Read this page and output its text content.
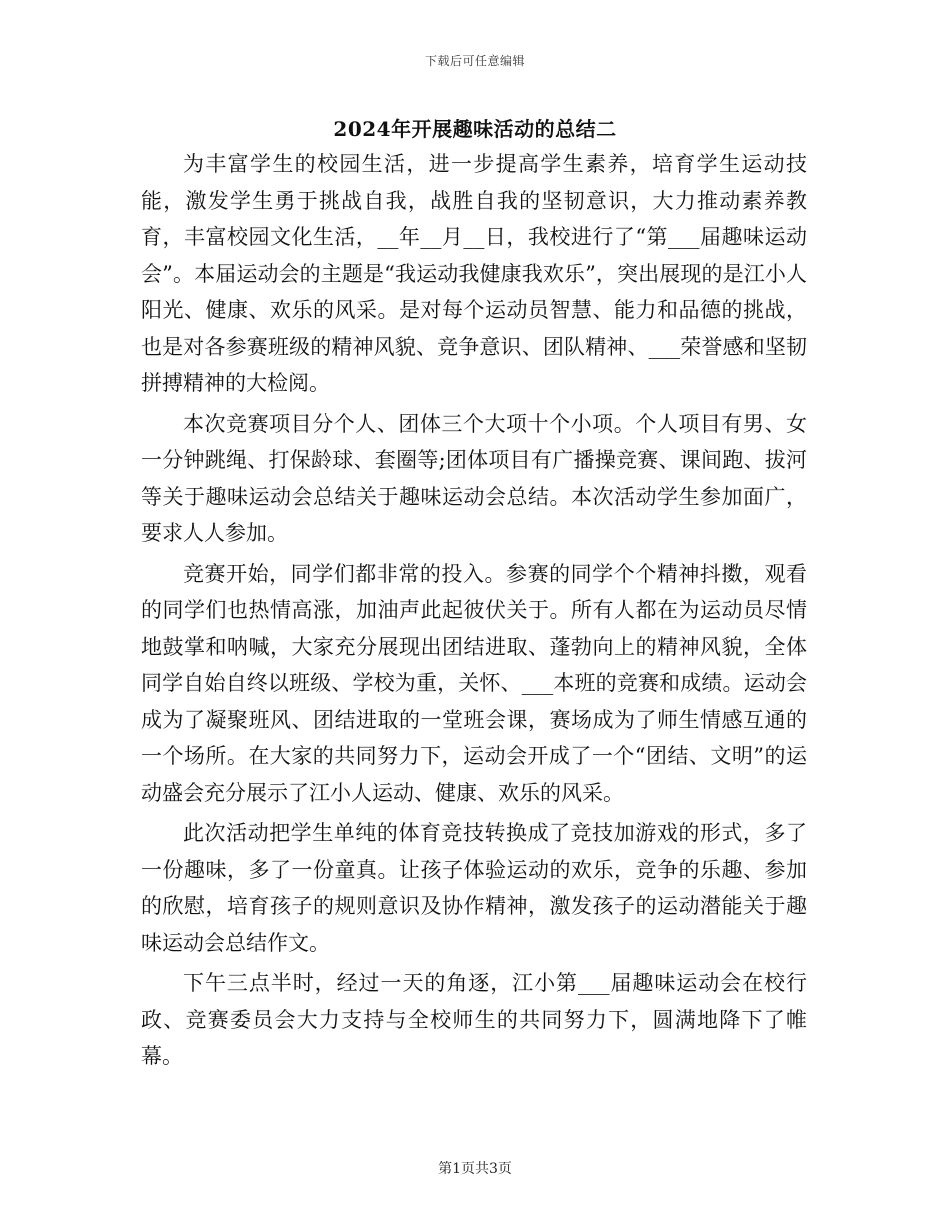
下载后可任意编辑
2024年开展趣味活动的总结二

为丰富学生的校园生活，进一步提高学生素养，培育学生运动技能，激发学生勇于挑战自我，战胜自我的坚韧意识，大力推动素养教育，丰富校园文化生活，__年__月__日，我校进行了“第___届趣味运动会”。本届运动会的主题是“我运动我健康我欢乐”，突出展现的是江小人阳光、健康、欢乐的风采。是对每个运动员智慧、能力和品德的挑战，也是对各参赛班级的精神风貌、竞争意识、团队精神、___荣誉感和坚韧拼搏精神的大检阅。

本次竞赛项目分个人、团体三个大项十个小项。个人项目有男、女一分钟跳绳、打保龄球、套圈等;团体项目有广播操竞赛、课间跑、拔河等关于趣味运动会总结关于趣味运动会总结。本次活动学生参加面广，要求人人参加。

竞赛开始，同学们都非常的投入。参赛的同学个个精神抖擞，观看的同学们也热情高涨，加油声此起彼伏关于。所有人都在为运动员尽情地鼓掌和呐喊，大家充分展现出团结进取、蓬勃向上的精神风貌，全体同学自始自终以班级、学校为重，关怀、___本班的竞赛和成绩。运动会成为了凝聚班风、团结进取的一堂班会课，赛场成为了师生情感互通的一个场所。在大家的共同努力下，运动会开成了一个“团结、文明”的运动盛会充分展示了江小人运动、健康、欢乐的风采。

此次活动把学生单纯的体育竞技转换成了竞技加游戏的形式，多了一份趣味，多了一份童真。让孩子体验运动的欢乐，竞争的乐趣、参加的欣慰，培育孩子的规则意识及协作精神，激发孩子的运动潜能关于趣味运动会总结作文。

下午三点半时，经过一天的角逐，江小第___届趣味运动会在校行政、竞赛委员会大力支持与全校师生的共同努力下，圆满地降下了帷幕。

第1页共3页
